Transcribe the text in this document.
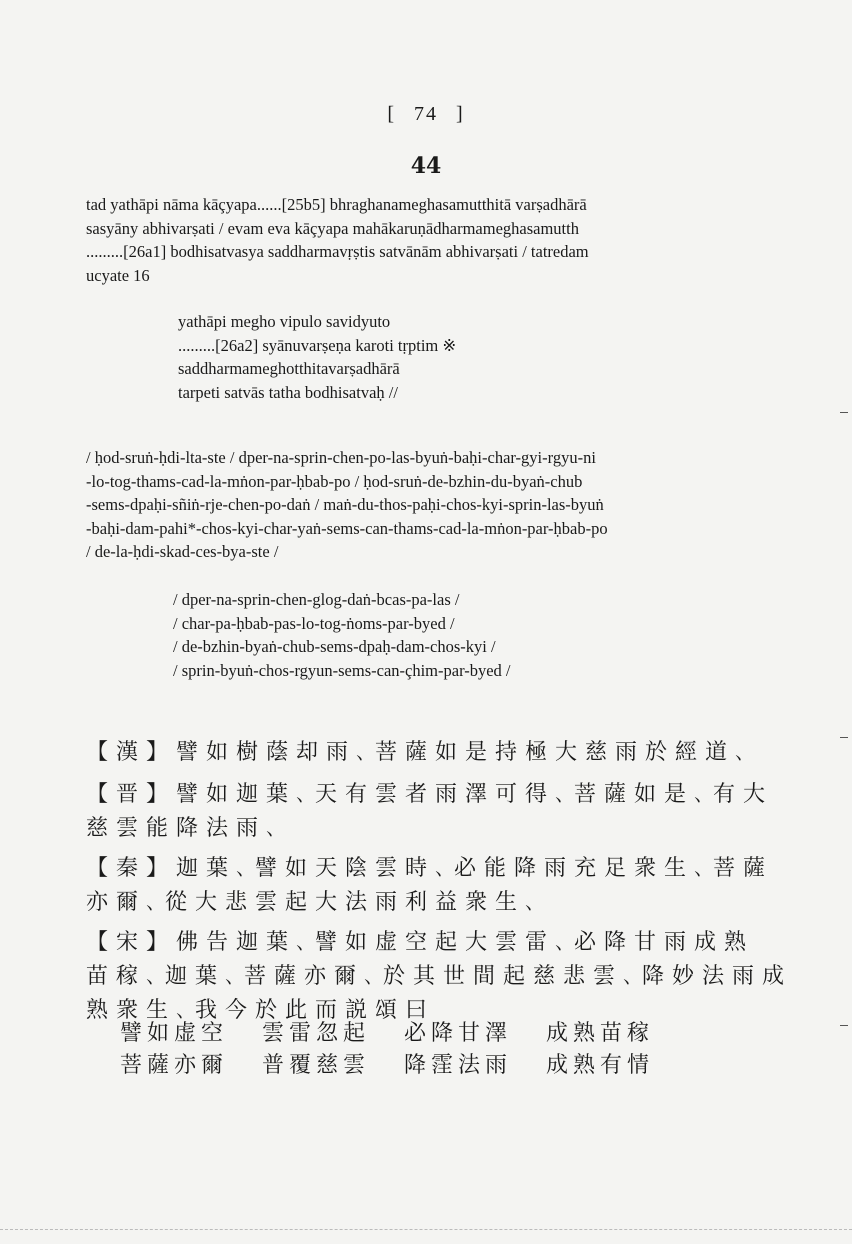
[ 74 ]
44

tad yathāpi nāma kāçyapa......[25b5] bhraghanameghasamutthitā varṣadhārā

sasyāny abhivarṣati / evam eva kāçyapa mahākaruṇādharmameghasamutth

.........[26a1] bodhisatvasya saddharmavṛṣtis satvānām abhivarṣati / tatredam

ucyate 16

yathāpi megho vipulo savidyuto

.........[26a2] syānuvarṣeṇa karoti tṛptim ※

saddharmameghotthitavarṣadhārā

tarpeti satvās tatha bodhisatvaḥ //

/ ḥod-sruṅ-ḥdi-lta-ste / dper-na-sprin-chen-po-las-byuṅ-baḥi-char-gyi-rgyu-ni

-lo-tog-thams-cad-la-mṅon-par-ḥbab-po / ḥod-sruṅ-de-bzhin-du-byaṅ-chub

-sems-dpaḥi-sñiṅ-rje-chen-po-daṅ / maṅ-du-thos-paḥi-chos-kyi-sprin-las-byuṅ

-baḥi-dam-pahi*-chos-kyi-char-yaṅ-sems-can-thams-cad-la-mṅon-par-ḥbab-po

/ de-la-ḥdi-skad-ces-bya-ste /

/ dper-na-sprin-chen-glog-daṅ-bcas-pa-las /

/ char-pa-ḥbab-pas-lo-tog-ṅoms-par-byed /

/ de-bzhin-byaṅ-chub-sems-dpaḥ-dam-chos-kyi /

/ sprin-byuṅ-chos-rgyun-sems-can-çhim-par-byed /

【漢】譬如樹蔭却雨､菩薩如是持極大慈雨於經道､

【晋】譬如迦葉､天有雲者雨澤可得､菩薩如是､有大

慈雲能降法雨､

【秦】迦葉､譬如天陰雲時､必能降雨充足衆生､菩薩

亦爾､從大悲雲起大法雨利益衆生､

【宋】佛告迦葉､譬如虚空起大雲雷､必降甘雨成熟

苗稼､迦葉､菩薩亦爾､於其世間起慈悲雲､降妙法雨成

熟衆生､我今於此而説頌曰

譬如虚空 雲雷忽起 必降甘澤 成熟苗稼
菩薩亦爾 普覆慈雲 降霔法雨 成熟有情
